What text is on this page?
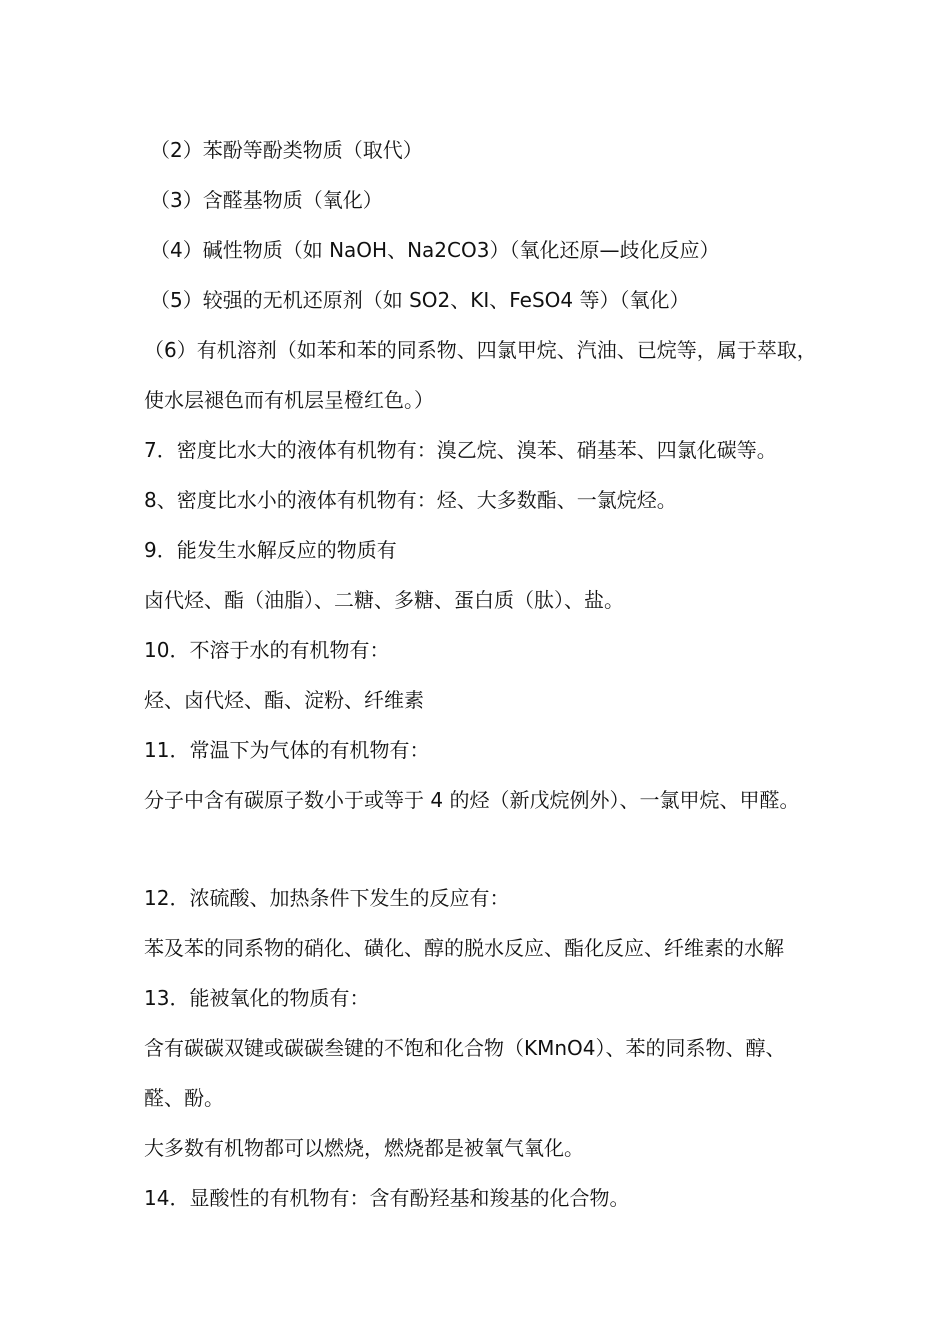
（2）苯酚等酚类物质（取代）
（3）含醛基物质（氧化）
（4）碱性物质（如 NaOH、Na2CO3）（氧化还原—歧化反应）
（5）较强的无机还原剂（如 SO2、KI、FeSO4 等）（氧化）
（6）有机溶剂（如苯和苯的同系物、四氯甲烷、汽油、已烷等，属于萃取，
使水层褪色而有机层呈橙红色。）
7．密度比水大的液体有机物有：溴乙烷、溴苯、硝基苯、四氯化碳等。
8、密度比水小的液体有机物有：烃、大多数酯、一氯烷烃。
9．能发生水解反应的物质有
卤代烃、酯（油脂）、二糖、多糖、蛋白质（肽）、盐。
10．不溶于水的有机物有：
烃、卤代烃、酯、淀粉、纤维素
11．常温下为气体的有机物有：
分子中含有碳原子数小于或等于 4 的烃（新戊烷例外）、一氯甲烷、甲醛。
12．浓硫酸、加热条件下发生的反应有：
苯及苯的同系物的硝化、磺化、醇的脱水反应、酯化反应、纤维素的水解
13．能被氧化的物质有：
含有碳碳双键或碳碳叁键的不饱和化合物（KMnO4）、苯的同系物、醇、
醛、酚。
大多数有机物都可以燃烧，燃烧都是被氧气氧化。
14．显酸性的有机物有：含有酚羟基和羧基的化合物。
